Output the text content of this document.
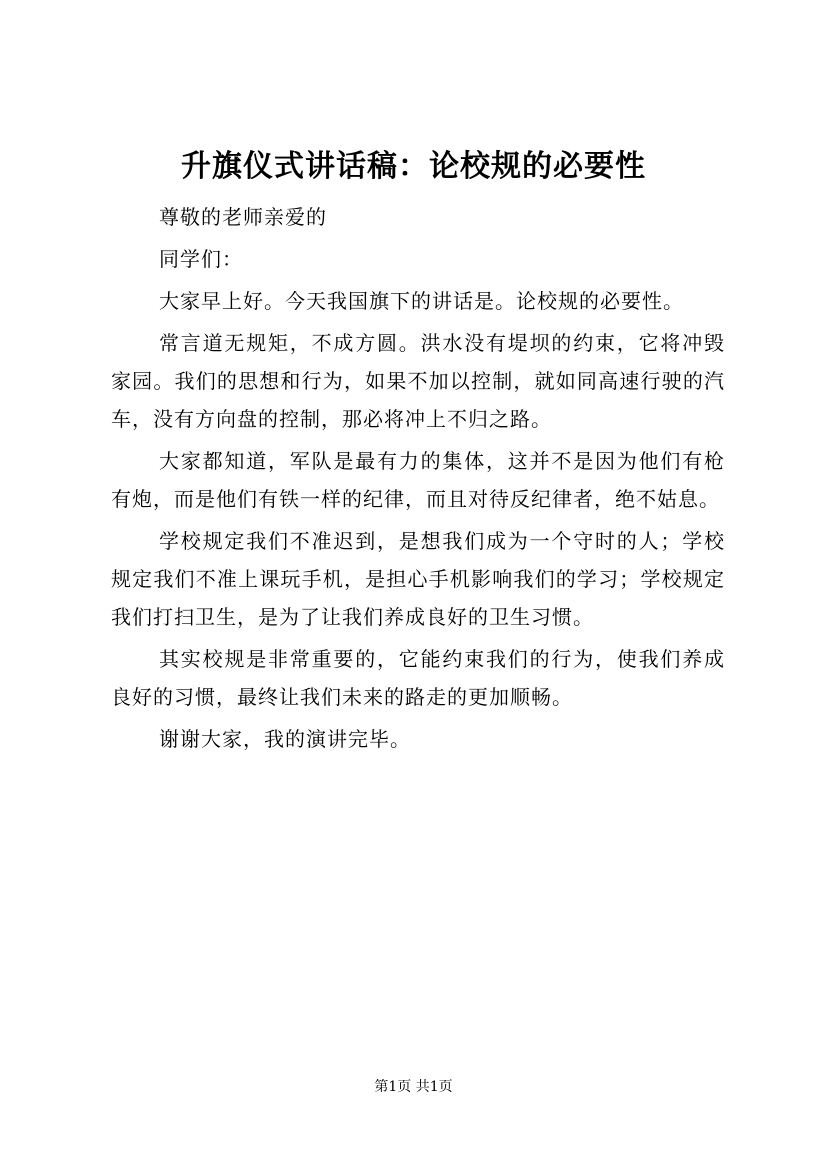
升旗仪式讲话稿：论校规的必要性

尊敬的老师亲爱的

同学们：

大家早上好。今天我国旗下的讲话是。论校规的必要性。

常言道无规矩，不成方圆。洪水没有堤坝的约束，它将冲毁家园。我们的思想和行为，如果不加以控制，就如同高速行驶的汽车，没有方向盘的控制，那必将冲上不归之路。

大家都知道，军队是最有力的集体，这并不是因为他们有枪有炮，而是他们有铁一样的纪律，而且对待反纪律者，绝不姑息。

学校规定我们不准迟到，是想我们成为一个守时的人；学校规定我们不准上课玩手机，是担心手机影响我们的学习；学校规定我们打扫卫生，是为了让我们养成良好的卫生习惯。

其实校规是非常重要的，它能约束我们的行为，使我们养成良好的习惯，最终让我们未来的路走的更加顺畅。

谢谢大家，我的演讲完毕。

第1页 共1页
